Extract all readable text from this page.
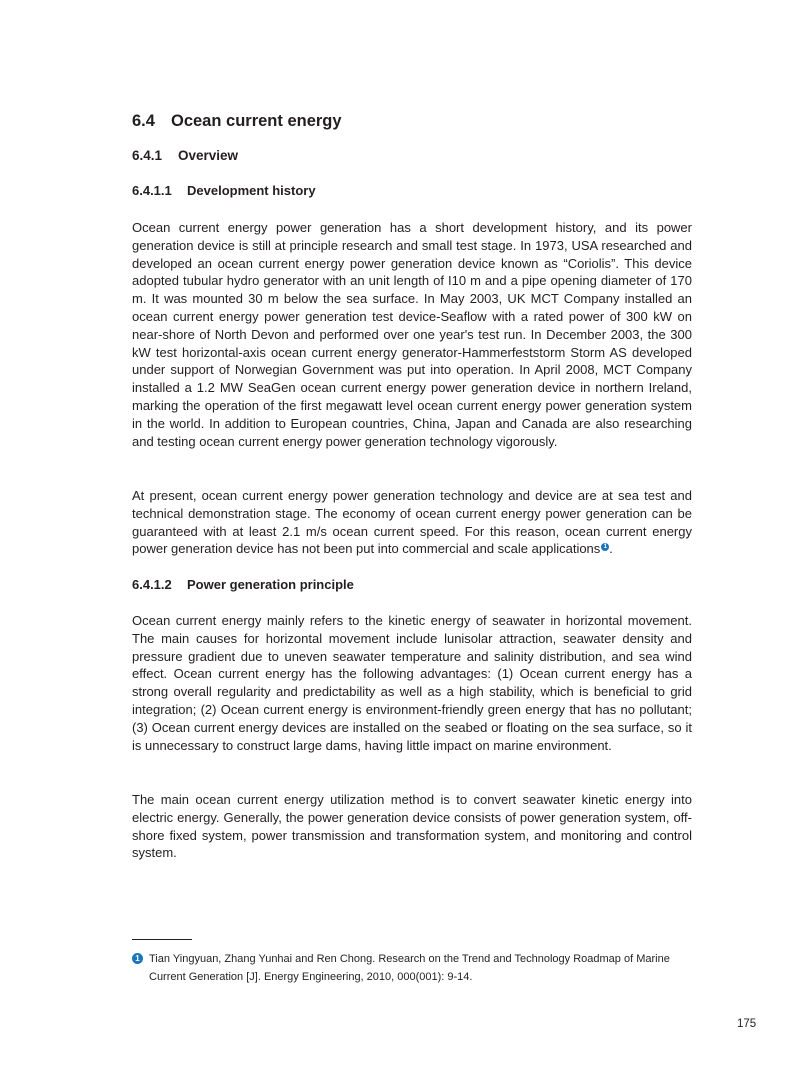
6.4 Ocean current energy
6.4.1 Overview
6.4.1.1 Development history

Ocean current energy power generation has a short development history, and its power generation device is still at principle research and small test stage. In 1973, USA researched and developed an ocean current energy power generation device known as “Coriolis”. This device adopted tubular hydro generator with an unit length of I10 m and a pipe opening diameter of 170 m. It was mounted 30 m below the sea surface. In May 2003, UK MCT Company installed an ocean current energy power generation test device-Seaflow with a rated power of 300 kW on near-shore of North Devon and performed over one year's test run. In December 2003, the 300 kW test horizontal-axis ocean current energy generator-Hammerfeststorm Storm AS developed under support of Norwegian Government was put into operation. In April 2008, MCT Company installed a 1.2 MW SeaGen ocean current energy power generation device in northern Ireland, marking the operation of the first megawatt level ocean current energy power generation system in the world. In addition to European countries, China, Japan and Canada are also researching and testing ocean current energy power generation technology vigorously.

At present, ocean current energy power generation technology and device are at sea test and technical demonstration stage. The economy of ocean current energy power generation can be guaranteed with at least 2.1 m/s ocean current speed. For this reason, ocean current energy power generation device has not been put into commercial and scale applications 1 .

6.4.1.2 Power generation principle

Ocean current energy mainly refers to the kinetic energy of seawater in horizontal movement. The main causes for horizontal movement include lunisolar attraction, seawater density and pressure gradient due to uneven seawater temperature and salinity distribution, and sea wind effect. Ocean current energy has the following advantages: (1) Ocean current energy has a strong overall regularity and predictability as well as a high stability, which is beneficial to grid integration; (2) Ocean current energy is environment-friendly green energy that has no pollutant; (3) Ocean current energy devices are installed on the seabed or floating on the sea surface, so it is unnecessary to construct large dams, having little impact on marine environment.

The main ocean current energy utilization method is to convert seawater kinetic energy into electric energy. Generally, the power generation device consists of power generation system, off-shore fixed system, power transmission and transformation system, and monitoring and control system.

1 Tian Yingyuan, Zhang Yunhai and Ren Chong. Research on the Trend and Technology Roadmap of Marine Current Generation [J]. Energy Engineering, 2010, 000(001): 9-14.
175
